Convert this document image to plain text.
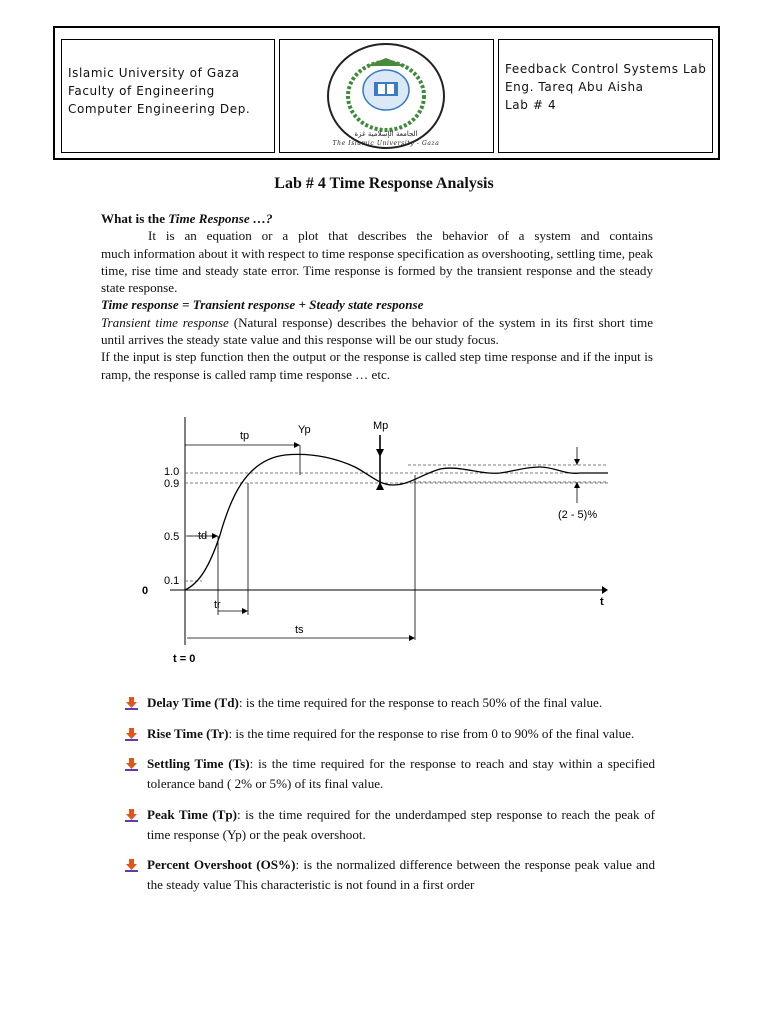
Islamic University of Gaza
Faculty of Engineering
Computer Engineering Dep.
الجامعة الإسلامية غزة
The Islamic University - Gaza
Feedback Control Systems Lab
Eng. Tareq Abu Aisha
Lab # 4
Lab # 4 Time Response Analysis
What is the Time Response …?
It is an equation or a plot that describes the behavior of a system and contains
much information about it with respect to time response specification as overshooting, settling time, peak time, rise time and steady state error. Time response is formed by the transient response and the steady state response.
Time response = Transient response + Steady state response
Transient time response (Natural response) describes the behavior of the system in its first short time until arrives the steady state value and this response will be our study focus.
If the input is step function then the output or the response is called step time response and if the input is ramp, the response is called ramp time response … etc.
Yp	Mp
tp
1.0
0.9
0.5 td
0.1
0
tr
ts
t
t = 0
(2 - 5)%
Delay Time (Td): is the time required for the response to reach 50% of the final value.
Rise Time (Tr): is the time required for the response to rise from 0 to 90% of the final value.
Settling Time (Ts): is the time required for the response to reach and stay within a specified tolerance band ( 2% or 5%) of its final value.
Peak Time (Tp): is the time required for the underdamped step response to reach the peak of time response (Yp) or the peak overshoot.
Percent Overshoot (OS%): is the normalized difference between the response peak value and the steady value This characteristic is not found in a first order
